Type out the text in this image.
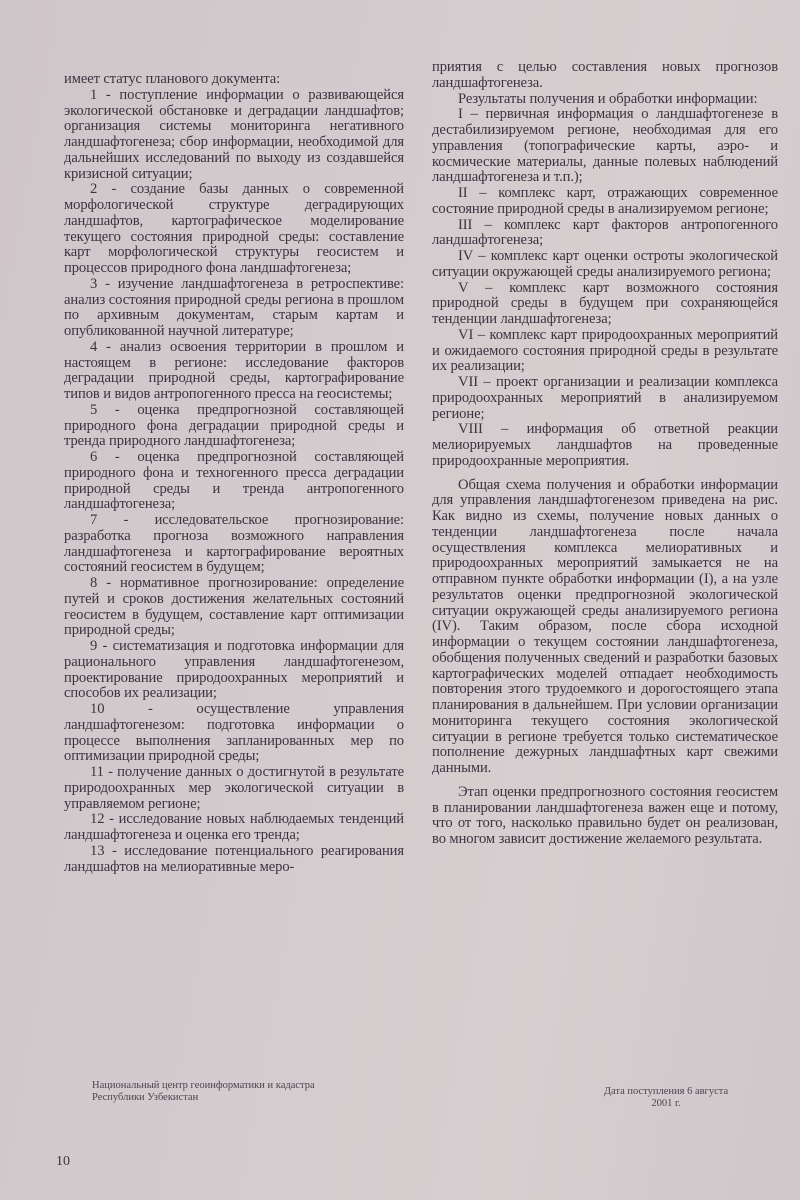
имеет статус планового документа:

1 - поступление информации о развивающейся экологической обстановке и деградации ландшафтов; организация системы мониторинга негативного ландшафтогенеза; сбор информации, необходимой для дальнейших исследований по выходу из создавшейся кризисной ситуации;

2 - создание базы данных о современной морфологической структуре деградирующих ландшафтов, картографическое моделирование текущего состояния природной среды: составление карт морфологической структуры геосистем и процессов природного фона ландшафтогенеза;

3 - изучение ландшафтогенеза в ретроспективе: анализ состояния природной среды региона в прошлом по архивным документам, старым картам и опубликованной научной литературе;

4 - анализ освоения территории в прошлом и настоящем в регионе: исследование факторов деградации природной среды, картографирование типов и видов антропогенного пресса на геосистемы;

5 - оценка предпрогнозной составляющей природного фона деградации природной среды и тренда природного ландшафтогенеза;

6 - оценка предпрогнозной составляющей природного фона и техногенного пресса деградации природной среды и тренда антропогенного ландшафтогенеза;

7 - исследовательское прогнозирование: разработка прогноза возможного направления ландшафтогенеза и картографирование вероятных состояний геосистем в будущем;

8 - нормативное прогнозирование: определение путей и сроков достижения желательных состояний геосистем в будущем, составление карт оптимизации природной среды;

9 - систематизация и подготовка информации для рационального управления ландшафтогенезом, проектирование природоохранных мероприятий и способов их реализации;

10 - осуществление управления ландшафтогенезом: подготовка информации о процессе выполнения запланированных мер по оптимизации природной среды;

11 - получение данных о достигнутой в результате природоохранных мер экологической ситуации в управляемом регионе;

12 - исследование новых наблюдаемых тенденций ландшафтогенеза и оценка его тренда;

13 - исследование потенциального реагирования ландшафтов на мелиоративные меро-

приятия с целью составления новых прогнозов ландшафтогенеза.

Результаты получения и обработки информации:

I – первичная информация о ландшафтогенезе в дестабилизируемом регионе, необходимая для его управления (топографические карты, аэро- и космические материалы, данные полевых наблюдений ландшафтогенеза и т.п.);

II – комплекс карт, отражающих современное состояние природной среды в анализируемом регионе;

III – комплекс карт факторов антропогенного ландшафтогенеза;

IV – комплекс карт оценки остроты экологической ситуации окружающей среды анализируемого региона;

V – комплекс карт возможного состояния природной среды в будущем при сохраняющейся тенденции ландшафтогенеза;

VI – комплекс карт природоохранных мероприятий и ожидаемого состояния природной среды в результате их реализации;

VII – проект организации и реализации комплекса природоохранных мероприятий в анализируемом регионе;

VIII – информация об ответной реакции мелиорируемых ландшафтов на проведенные природоохранные мероприятия.

Общая схема получения и обработки информации для управления ландшафтогенезом приведена на рис. Как видно из схемы, получение новых данных о тенденции ландшафтогенеза после начала осуществления комплекса мелиоративных и природоохранных мероприятий замыкается не на отправном пункте обработки информации (I), а на узле результатов оценки предпрогнозной экологической ситуации окружающей среды анализируемого региона (IV). Таким образом, после сбора исходной информации о текущем состоянии ландшафтогенеза, обобщения полученных сведений и разработки базовых картографических моделей отпадает необходимость повторения этого трудоемкого и дорогостоящего этапа планирования в дальнейшем. При условии организации мониторинга текущего состояния экологической ситуации в регионе требуется только систематическое пополнение дежурных ландшафтных карт свежими данными.

Этап оценки предпрогнозного состояния геосистем в планировании ландшафтогенеза важен еще и потому, что от того, насколько правильно будет он реализован, во многом зависит достижение желаемого результата.

Национальный центр геоинформатики и кадастра Республики Узбекистан
Дата поступления 6 августа 2001 г.
10
